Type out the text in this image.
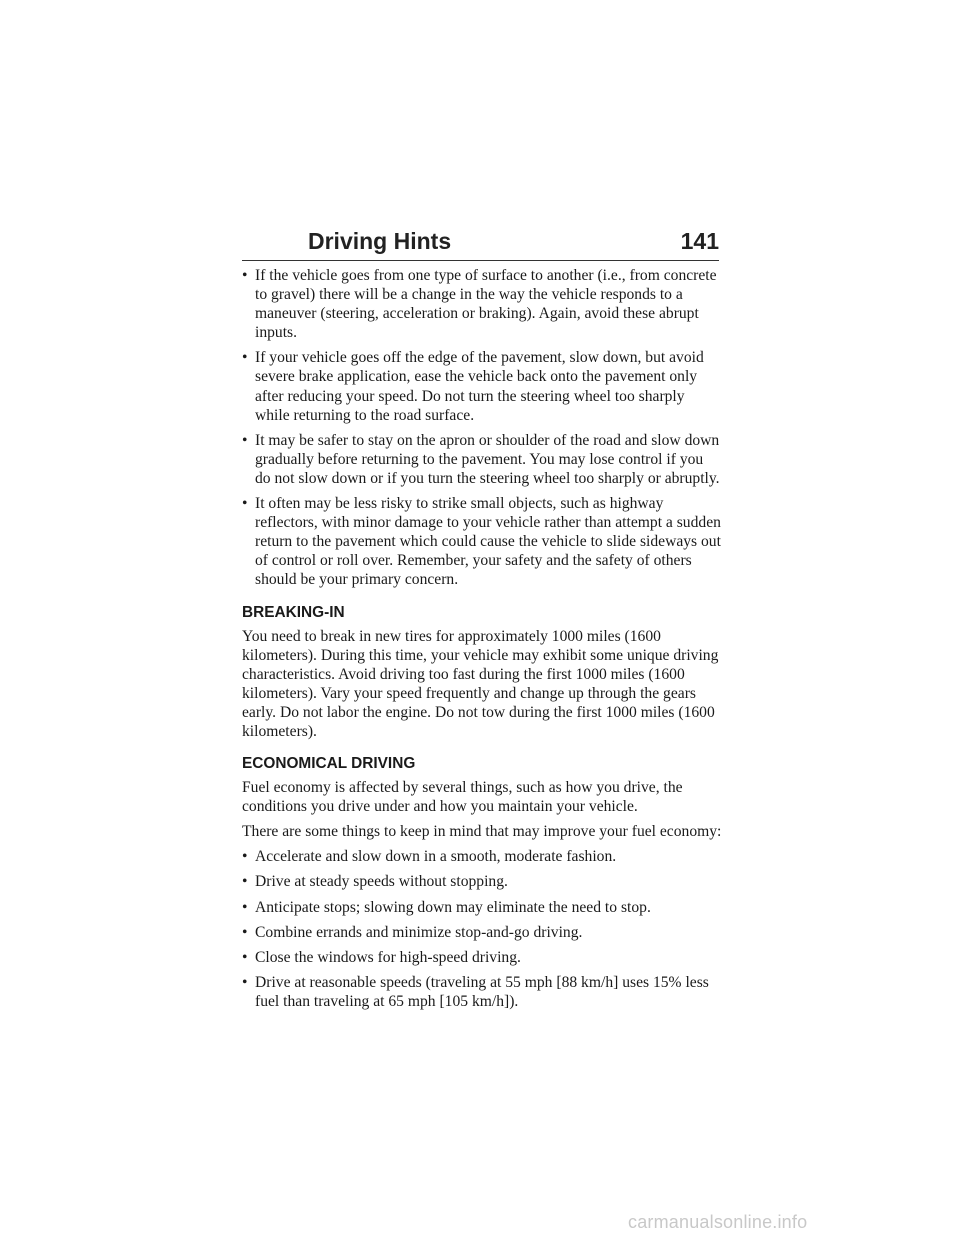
Driving Hints	141
• If the vehicle goes from one type of surface to another (i.e., from concrete to gravel) there will be a change in the way the vehicle responds to a maneuver (steering, acceleration or braking). Again, avoid these abrupt inputs.
• If your vehicle goes off the edge of the pavement, slow down, but avoid severe brake application, ease the vehicle back onto the pavement only after reducing your speed. Do not turn the steering wheel too sharply while returning to the road surface.
• It may be safer to stay on the apron or shoulder of the road and slow down gradually before returning to the pavement. You may lose control if you do not slow down or if you turn the steering wheel too sharply or abruptly.
• It often may be less risky to strike small objects, such as highway reflectors, with minor damage to your vehicle rather than attempt a sudden return to the pavement which could cause the vehicle to slide sideways out of control or roll over. Remember, your safety and the safety of others should be your primary concern.
BREAKING-IN

You need to break in new tires for approximately 1000 miles (1600 kilometers). During this time, your vehicle may exhibit some unique driving characteristics. Avoid driving too fast during the first 1000 miles (1600 kilometers). Vary your speed frequently and change up through the gears early. Do not labor the engine. Do not tow during the first 1000 miles (1600 kilometers).

ECONOMICAL DRIVING

Fuel economy is affected by several things, such as how you drive, the conditions you drive under and how you maintain your vehicle.

There are some things to keep in mind that may improve your fuel economy:

• Accelerate and slow down in a smooth, moderate fashion.
• Drive at steady speeds without stopping.
• Anticipate stops; slowing down may eliminate the need to stop.
• Combine errands and minimize stop-and-go driving.
• Close the windows for high-speed driving.
• Drive at reasonable speeds (traveling at 55 mph [88 km/h] uses 15% less fuel than traveling at 65 mph [105 km/h]).
carmanualsonline.info
